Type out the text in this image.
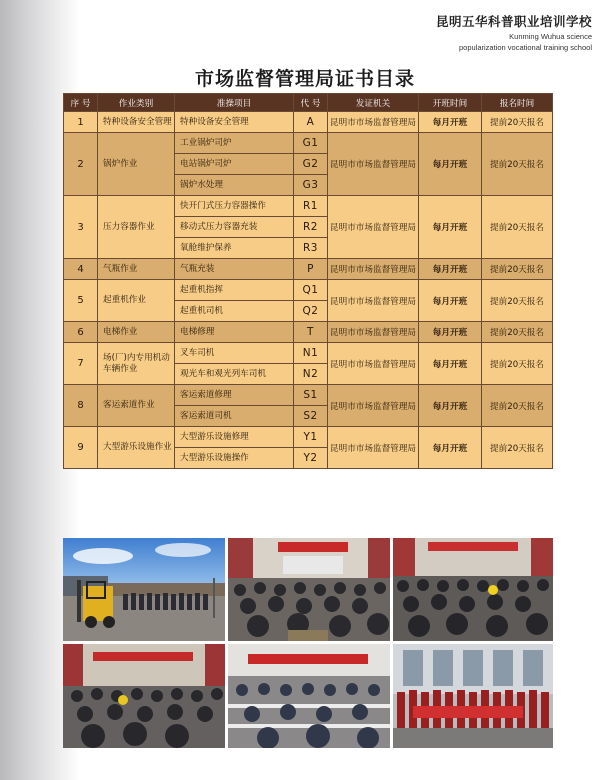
昆明五华科普职业培训学校
Kunming Wuhua science
popularization vocational training school
市场监督管理局证书目录
序 号	作业类别	准操项目	代 号	发证机关	开班时间	报名时间
1	特种设备安全管理	特种设备安全管理	A	昆明市市场监督管理局	每月开班	提前20天报名
2	锅炉作业	工业锅炉司炉	G1	昆明市市场监督管理局	每月开班	提前20天报名
		电站锅炉司炉	G2			
		锅炉水处理	G3			
3	压力容器作业	快开门式压力容器操作	R1	昆明市市场监督管理局	每月开班	提前20天报名
		移动式压力容器充装	R2			
		氧舱维护保养	R3			
4	气瓶作业	气瓶充装	P	昆明市市场监督管理局	每月开班	提前20天报名
5	起重机作业	起重机指挥	Q1	昆明市市场监督管理局	每月开班	提前20天报名
		起重机司机	Q2			
6	电梯作业	电梯修理	T	昆明市市场监督管理局	每月开班	提前20天报名
7	场(厂)内专用机动车辆作业	叉车司机	N1	昆明市市场监督管理局	每月开班	提前20天报名
		观光车和观光列车司机	N2			
8	客运索道作业	客运索道修理	S1	昆明市市场监督管理局	每月开班	提前20天报名
		客运索道司机	S2			
9	大型游乐设施作业	大型游乐设施修理	Y1	昆明市市场监督管理局	每月开班	提前20天报名
		大型游乐设施操作	Y2			
